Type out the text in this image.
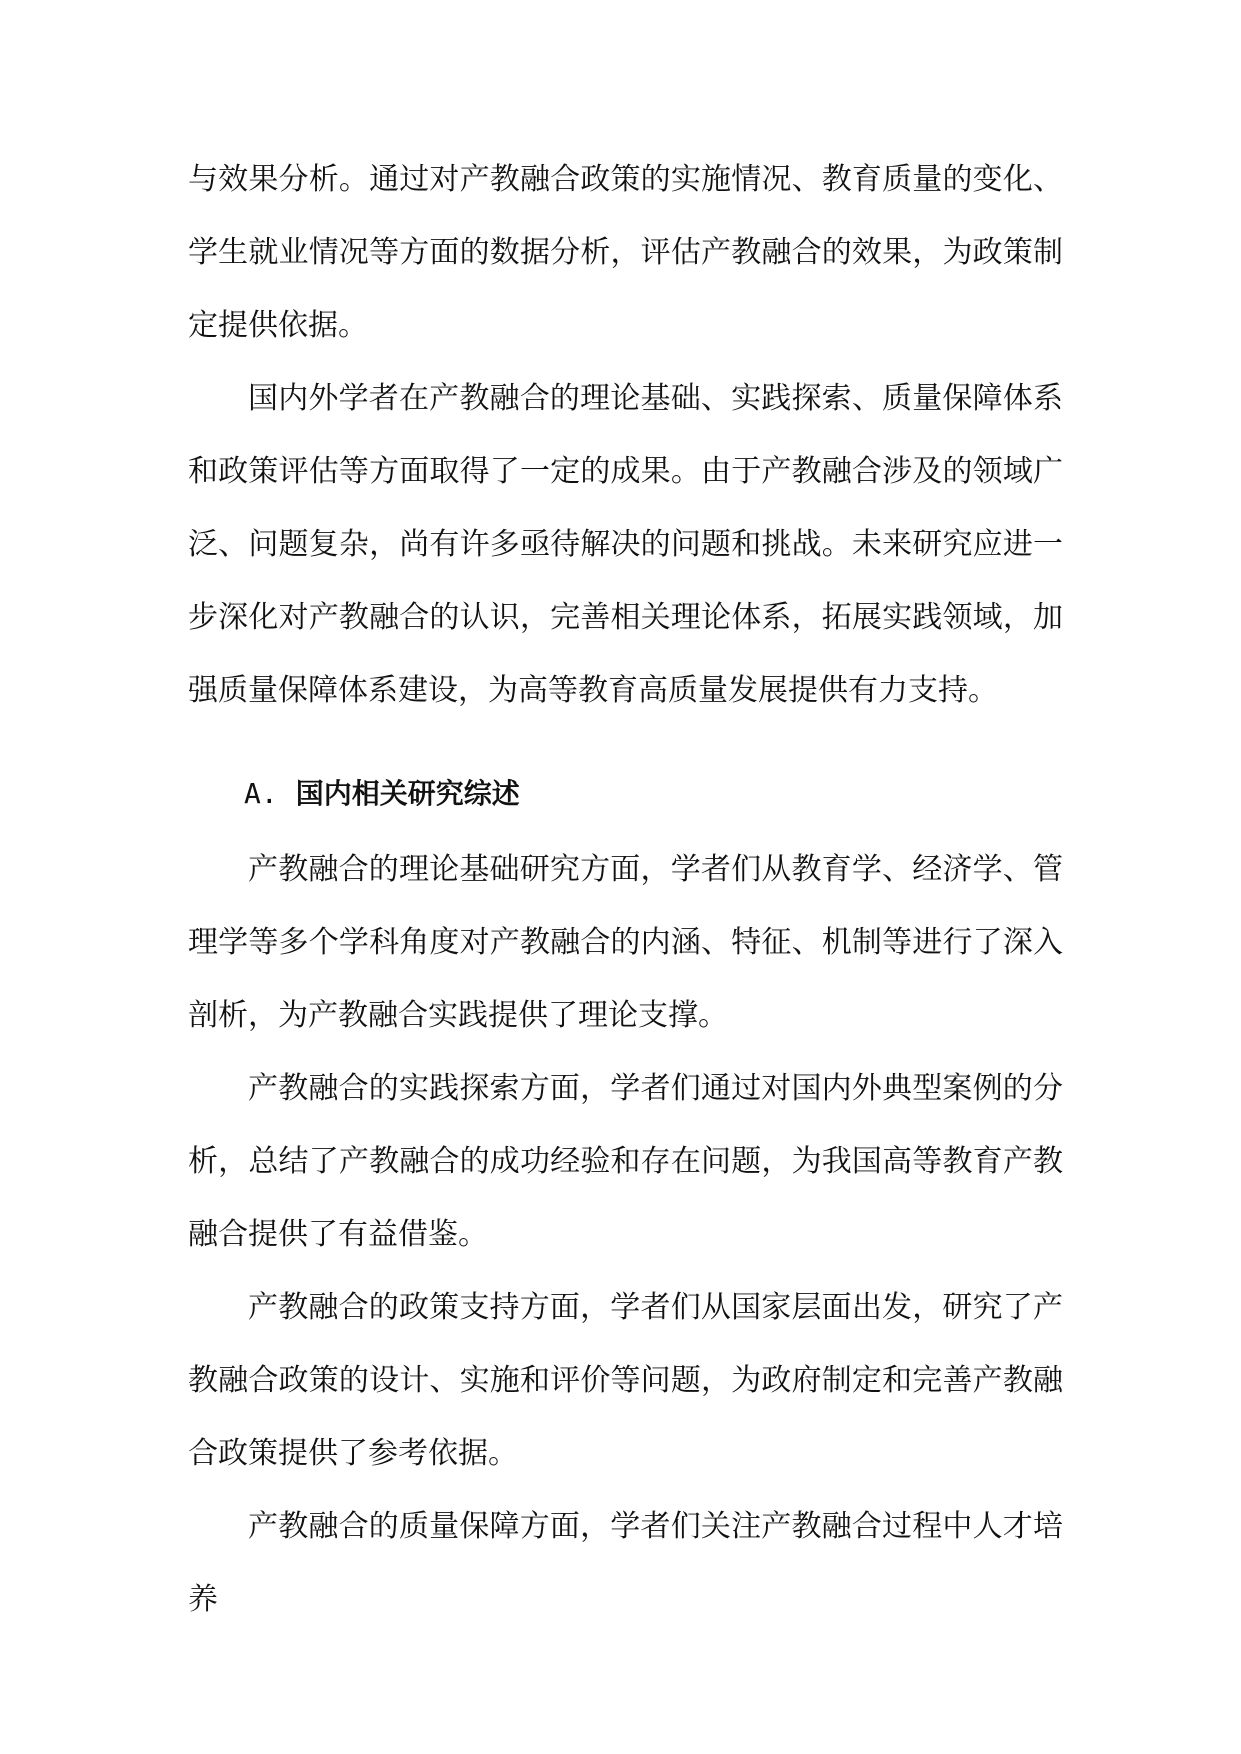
与效果分析。通过对产教融合政策的实施情况、教育质量的变化、学生就业情况等方面的数据分析，评估产教融合的效果，为政策制定提供依据。

国内外学者在产教融合的理论基础、实践探索、质量保障体系和政策评估等方面取得了一定的成果。由于产教融合涉及的领域广泛、问题复杂，尚有许多亟待解决的问题和挑战。未来研究应进一步深化对产教融合的认识，完善相关理论体系，拓展实践领域，加强质量保障体系建设，为高等教育高质量发展提供有力支持。

A. 国内相关研究综述

产教融合的理论基础研究方面，学者们从教育学、经济学、管理学等多个学科角度对产教融合的内涵、特征、机制等进行了深入剖析，为产教融合实践提供了理论支撑。

产教融合的实践探索方面，学者们通过对国内外典型案例的分析，总结了产教融合的成功经验和存在问题，为我国高等教育产教融合提供了有益借鉴。

产教融合的政策支持方面，学者们从国家层面出发，研究了产教融合政策的设计、实施和评价等问题，为政府制定和完善产教融合政策提供了参考依据。

产教融合的质量保障方面，学者们关注产教融合过程中人才培养
